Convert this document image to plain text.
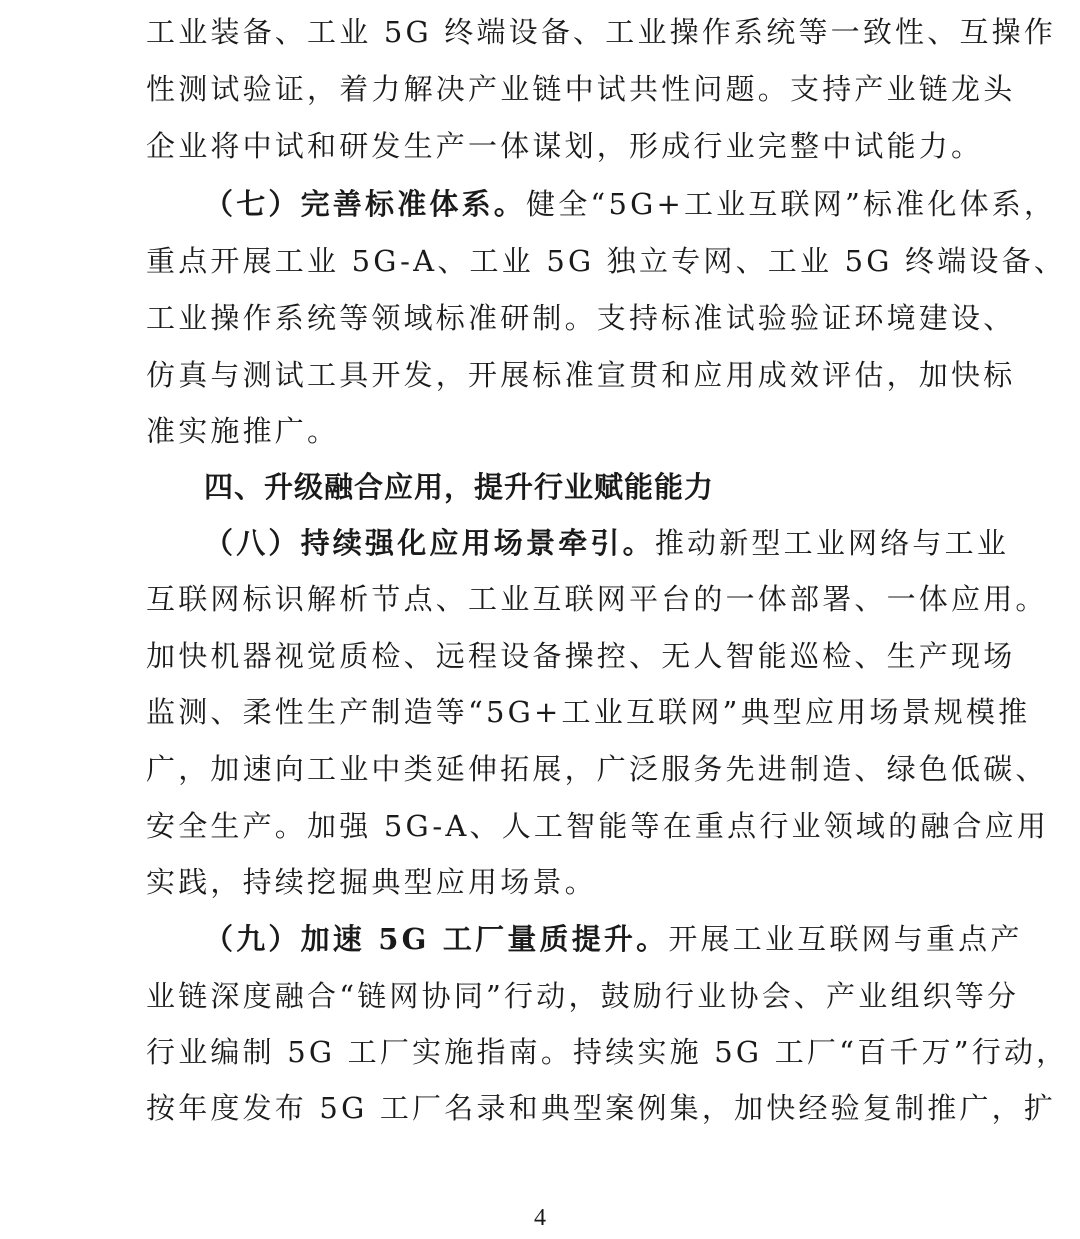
工业装备、工业 5G 终端设备、工业操作系统等一致性、互操作
性测试验证，着力解决产业链中试共性问题。支持产业链龙头
企业将中试和研发生产一体谋划，形成行业完整中试能力。
（七）完善标准体系。健全“5G+工业互联网”标准化体系，
重点开展工业 5G-A、工业 5G 独立专网、工业 5G 终端设备、
工业操作系统等领域标准研制。支持标准试验验证环境建设、
仿真与测试工具开发，开展标准宣贯和应用成效评估，加快标
准实施推广。
四、升级融合应用，提升行业赋能能力
（八）持续强化应用场景牵引。推动新型工业网络与工业
互联网标识解析节点、工业互联网平台的一体部署、一体应用。
加快机器视觉质检、远程设备操控、无人智能巡检、生产现场
监测、柔性生产制造等“5G+工业互联网”典型应用场景规模推
广，加速向工业中类延伸拓展，广泛服务先进制造、绿色低碳、
安全生产。加强 5G-A、人工智能等在重点行业领域的融合应用
实践，持续挖掘典型应用场景。
（九）加速 5G 工厂量质提升。开展工业互联网与重点产
业链深度融合“链网协同”行动，鼓励行业协会、产业组织等分
行业编制 5G 工厂实施指南。持续实施 5G 工厂“百千万”行动，
按年度发布 5G 工厂名录和典型案例集，加快经验复制推广，扩
4
